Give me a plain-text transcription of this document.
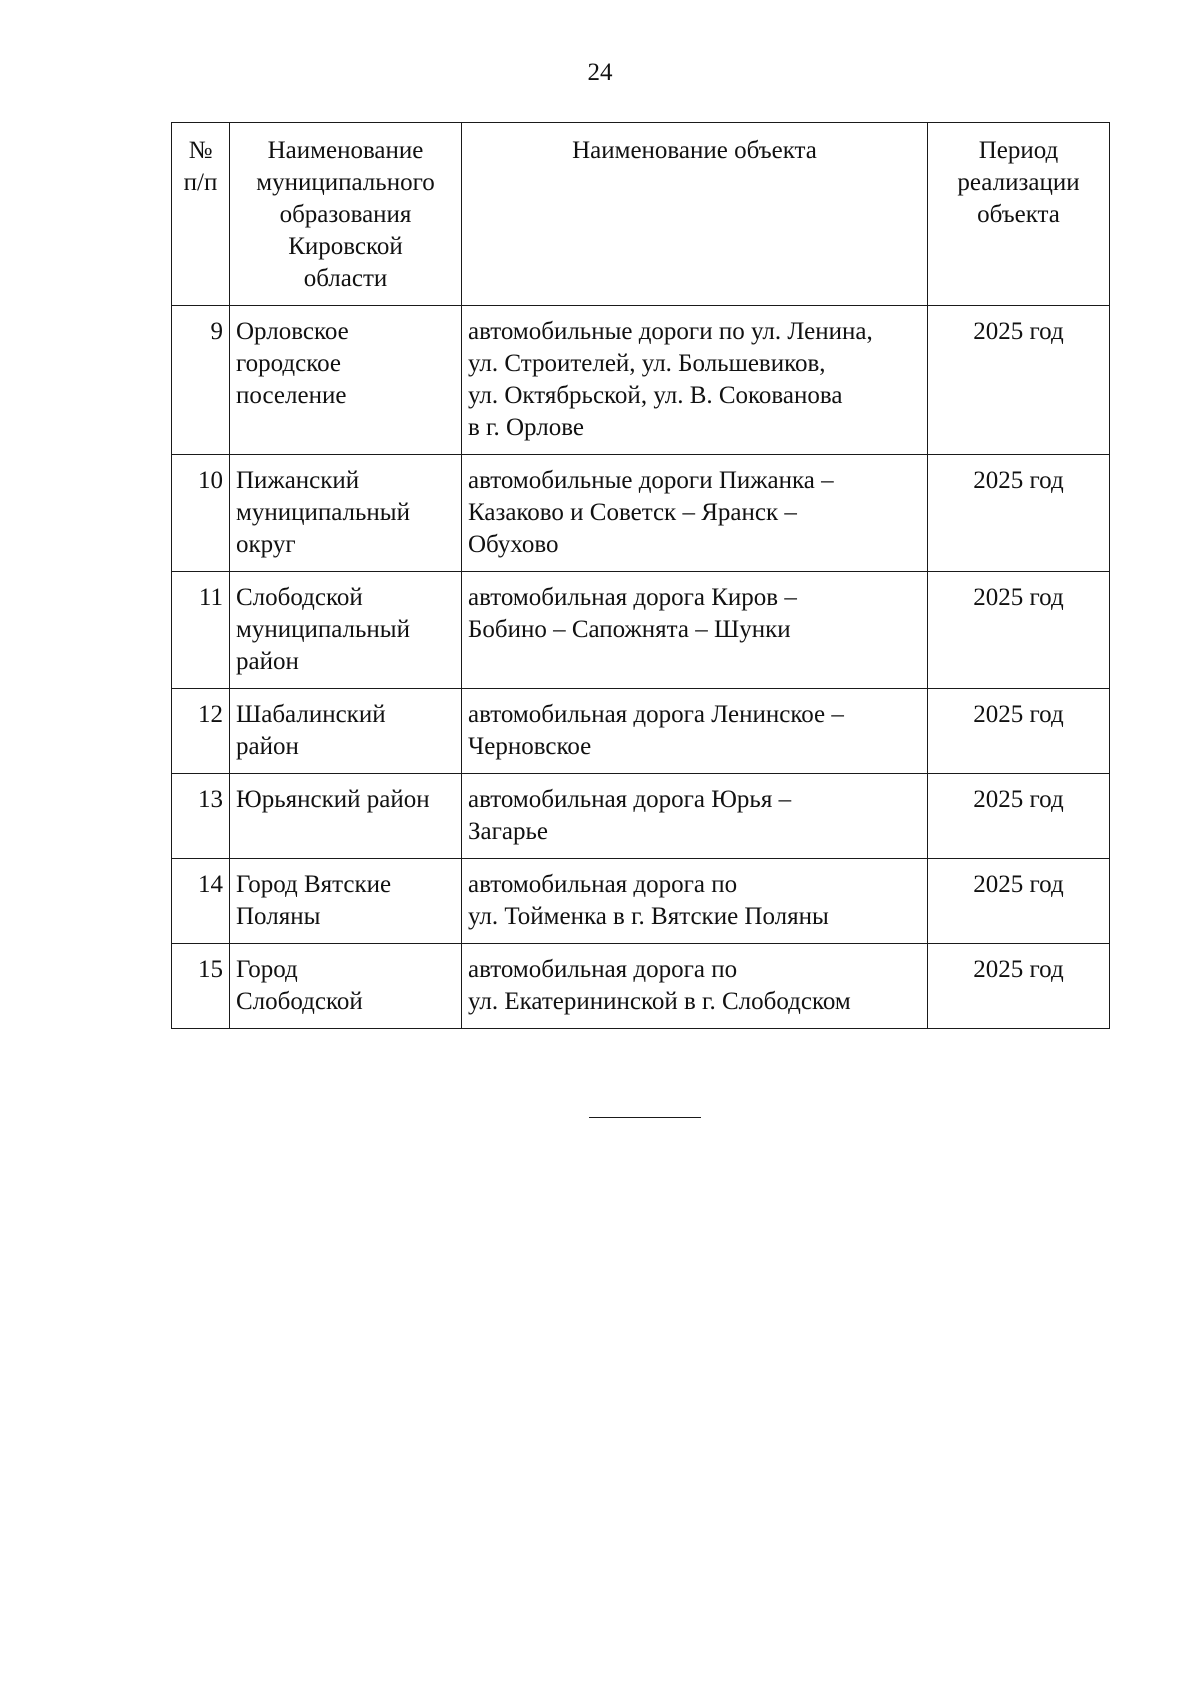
24
№
п/п	Наименование
муниципального
образования
Кировской
области	Наименование объекта	Период
реализации
объекта
9	Орловское
городское
поселение	автомобильные дороги по ул. Ленина,
ул. Строителей, ул. Большевиков,
ул. Октябрьской, ул. В. Сокованова
в г. Орлове	2025 год
10	Пижанский
муниципальный
округ	автомобильные дороги Пижанка –
Казаково и Советск – Яранск –
Обухово	2025 год
11	Слободской
муниципальный
район	автомобильная дорога Киров –
Бобино – Сапожнята – Шунки	2025 год
12	Шабалинский
район	автомобильная дорога Ленинское –
Черновское	2025 год
13	Юрьянский район	автомобильная дорога Юрья –
Загарье	2025 год
14	Город Вятские
Поляны	автомобильная дорога по
ул. Тойменка в г. Вятские Поляны	2025 год
15	Город
Слободской	автомобильная дорога по
ул. Екатерининской в г. Слободском	2025 год
